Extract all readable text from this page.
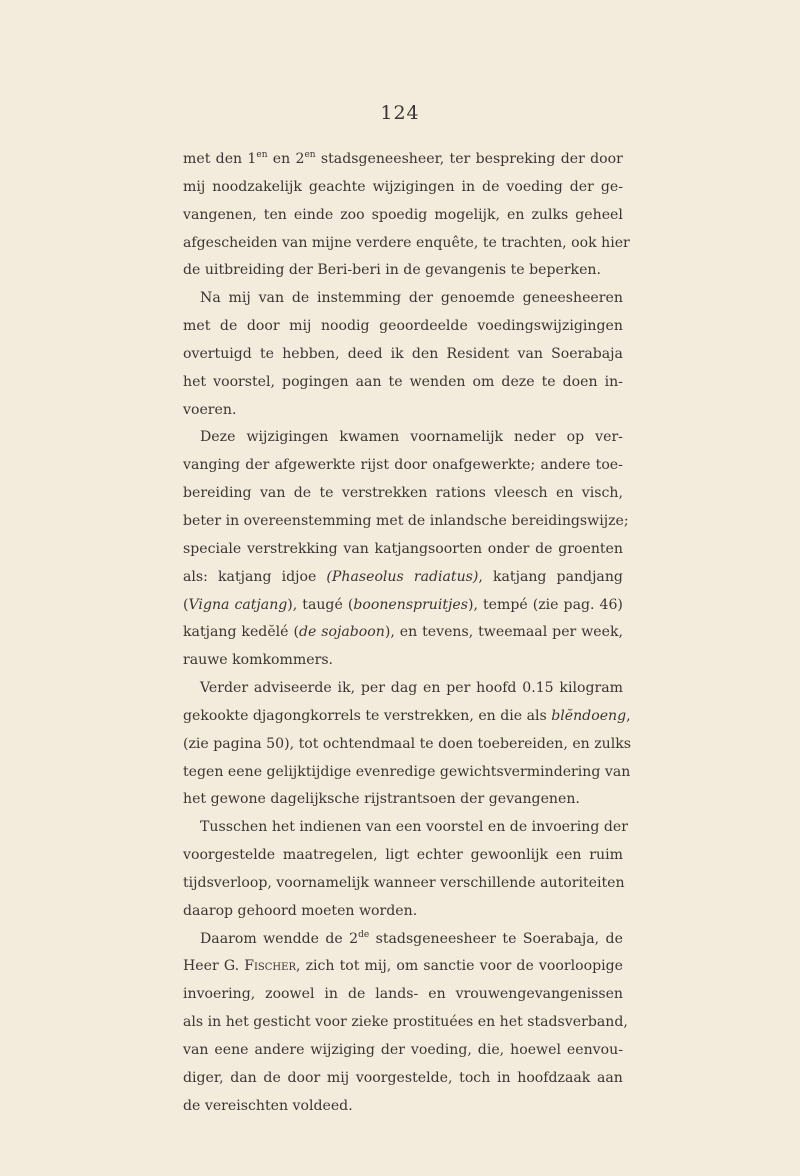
124
met den $1^{en}$ en $2^{en}$ stadsgeneesheer, ter bespreking der door
mij noodzakelijk geachte wijzigingen in de voeding der ge-
vangenen, ten einde zoo spoedig mogelijk, en zulks geheel
afgescheiden van mijne verdere enquête, te trachten, ook hier
de uitbreiding der Beri-beri in de gevangenis te beperken.
Na mij van de instemming der genoemde geneesheeren
met de door mij noodig geoordeelde voedingswijzigingen
overtuigd te hebben, deed ik den Resident van Soerabaja
het voorstel, pogingen aan te wenden om deze te doen in-
voeren.
Deze wijzigingen kwamen voornamelijk neder op ver-
vanging der afgewerkte rijst door onafgewerkte; andere toe-
bereiding van de te verstrekken rations vleesch en visch,
beter in overeenstemming met de inlandsche bereidingswijze;
speciale verstrekking van katjangsoorten onder de groenten
als: katjang idjoe (Phaseolus radiatus), katjang pandjang
(Vigna catjang), taugé (boonenspruitjes), tempé (zie pag. 46)
katjang kedĕlé (de sojaboon), en tevens, tweemaal per week,
rauwe komkommers.
Verder adviseerde ik, per dag en per hoofd 0.15 kilogram
gekookte djagongkorrels te verstrekken, en die als blĕndoeng,
(zie pagina 50), tot ochtendmaal te doen toebereiden, en zulks
tegen eene gelijktijdige evenredige gewichtsvermindering van
het gewone dagelijksche rijstrantsoen der gevangenen.
Tusschen het indienen van een voorstel en de invoering der
voorgestelde maatregelen, ligt echter gewoonlijk een ruim
tijdsverloop, voornamelijk wanneer verschillende autoriteiten
daarop gehoord moeten worden.
Daarom wendde de 2de stadsgeneesheer te Soerabaja, de
Heer G. Fischer, zich tot mij, om sanctie voor de voorloopige
invoering, zoowel in de lands- en vrouwengevangenissen
als in het gesticht voor zieke prostituées en het stadsverband,
van eene andere wijziging der voeding, die, hoewel eenvou-
diger, dan de door mij voorgestelde, toch in hoofdzaak aan
de vereischten voldeed.
